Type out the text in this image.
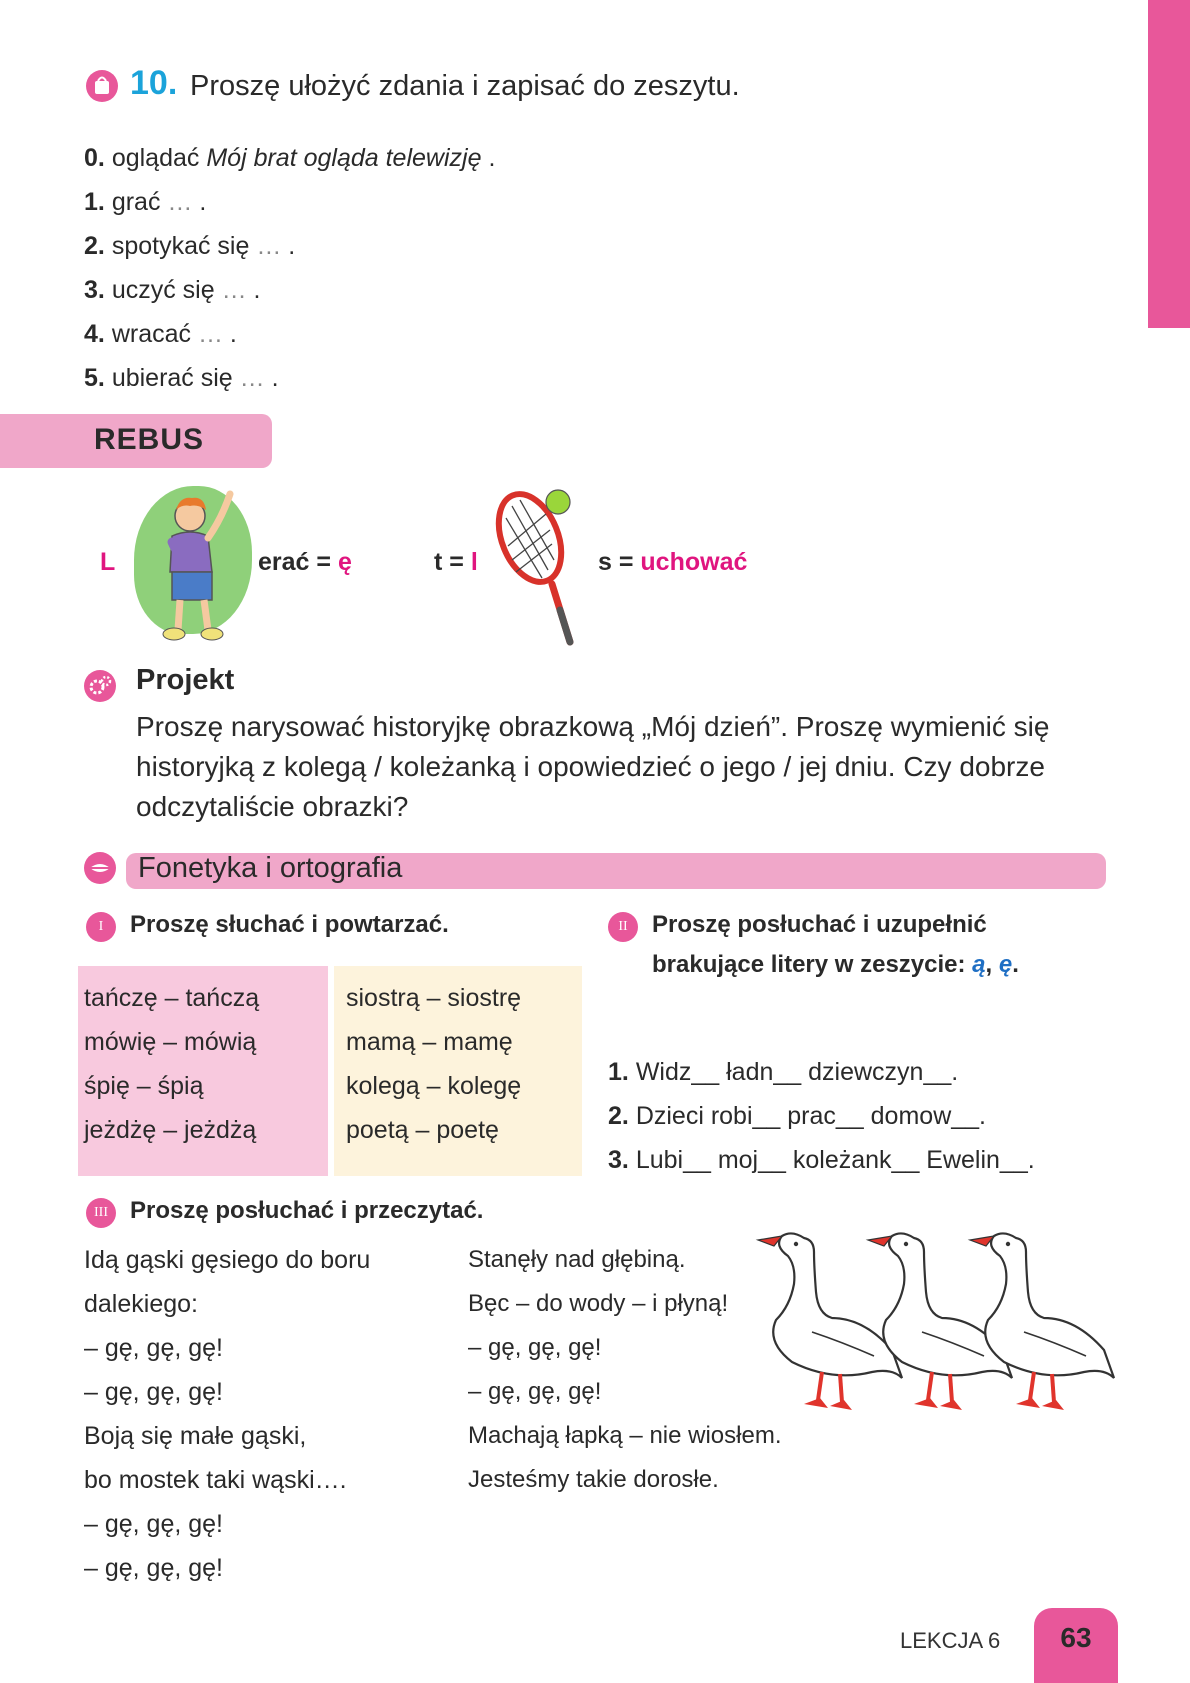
10. Proszę ułożyć zdania i zapisać do zeszytu.
0. oglądać Mój brat ogląda telewizję .
1. grać … .
2. spotykać się … .
3. uczyć się … .
4. wracać … .
5. ubierać się … .
REBUS
L	erać = ę	t = l	s = uchować
Projekt
Proszę narysować historyjkę obrazkową „Mój dzień”. Proszę wymienić się historyjką z kolegą / koleżanką i opowiedzieć o jego / jej dniu. Czy dobrze odczytaliście obrazki?
Fonetyka i ortografia
I	Proszę słuchać i powtarzać.
tańczę – tańczą
mówię – mówią
śpię – śpią
jeżdżę – jeżdżą
siostrą – siostrę
mamą – mamę
kolegą – kolegę
poetą – poetę
II	Proszę posłuchać i uzupełnić
brakujące litery w zeszycie: ą, ę.
1. Widz__ ładn__ dziewczyn__.
2. Dzieci robi__ prac__ domow__.
3. Lubi__ moj__ koleżank__ Ewelin__.
III Proszę posłuchać i przeczytać.
Idą gąski gęsiego do boru
dalekiego:
– gę, gę, gę!
– gę, gę, gę!
Boją się małe gąski,
bo mostek taki wąski….
– gę, gę, gę!
– gę, gę, gę!
Stanęły nad głębiną.
Bęc – do wody – i płyną!
– gę, gę, gę!
– gę, gę, gę!
Machają łapką – nie wiosłem.
Jesteśmy takie dorosłe.
LEKCJA 6	63
